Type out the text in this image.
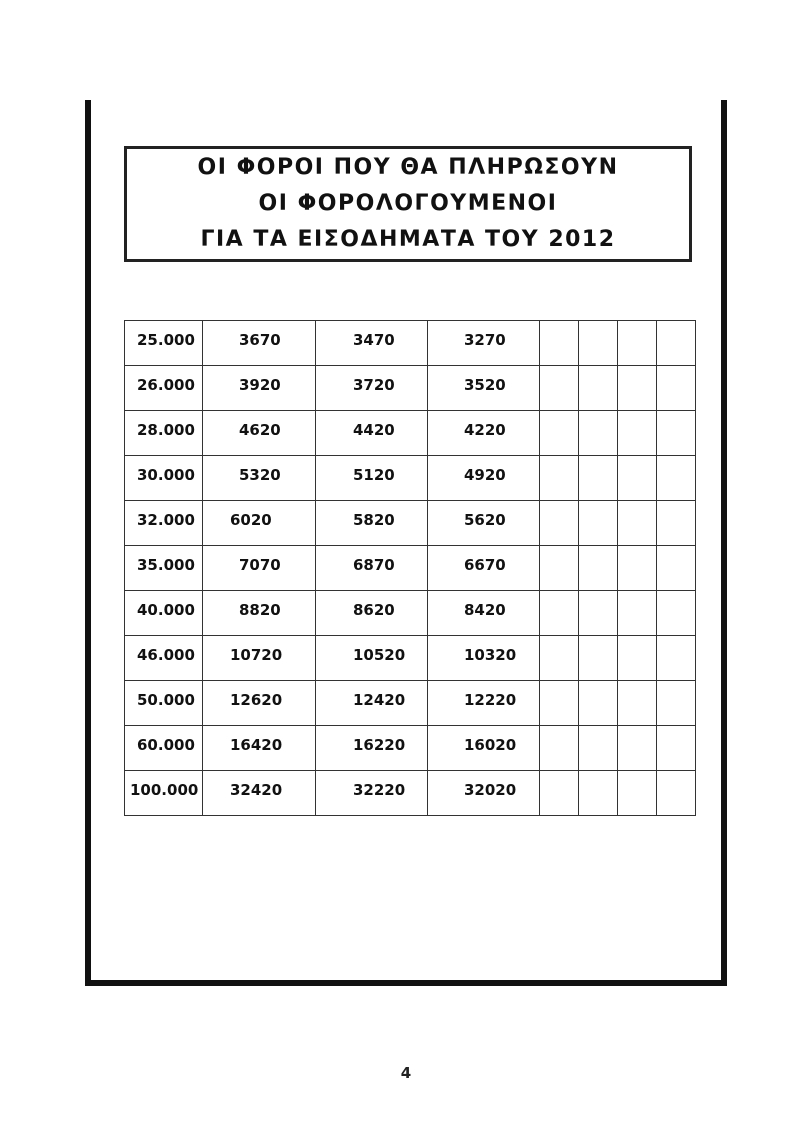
ΟΙ ΦΟΡΟΙ ΠΟΥ ΘΑ ΠΛΗΡΩΣΟΥΝ
ΟΙ ΦΟΡΟΛΟΓΟΥΜΕΝΟΙ
ΓΙΑ ΤΑ ΕΙΣΟΔΗΜΑΤΑ ΤΟΥ 2012
25.000	3670	3470	3270				

26.000	3920	3720	3520				

28.000	4620	4420	4220				

30.000	5320	5120	4920				

32.000	6020	5820	5620				

35.000	7070	6870	6670				

40.000	8820	8620	8420				

46.000	10720	10520	10320				

50.000	12620	12420	12220				

60.000	16420	16220	16020				

100.000	32420	32220	32020				

4
